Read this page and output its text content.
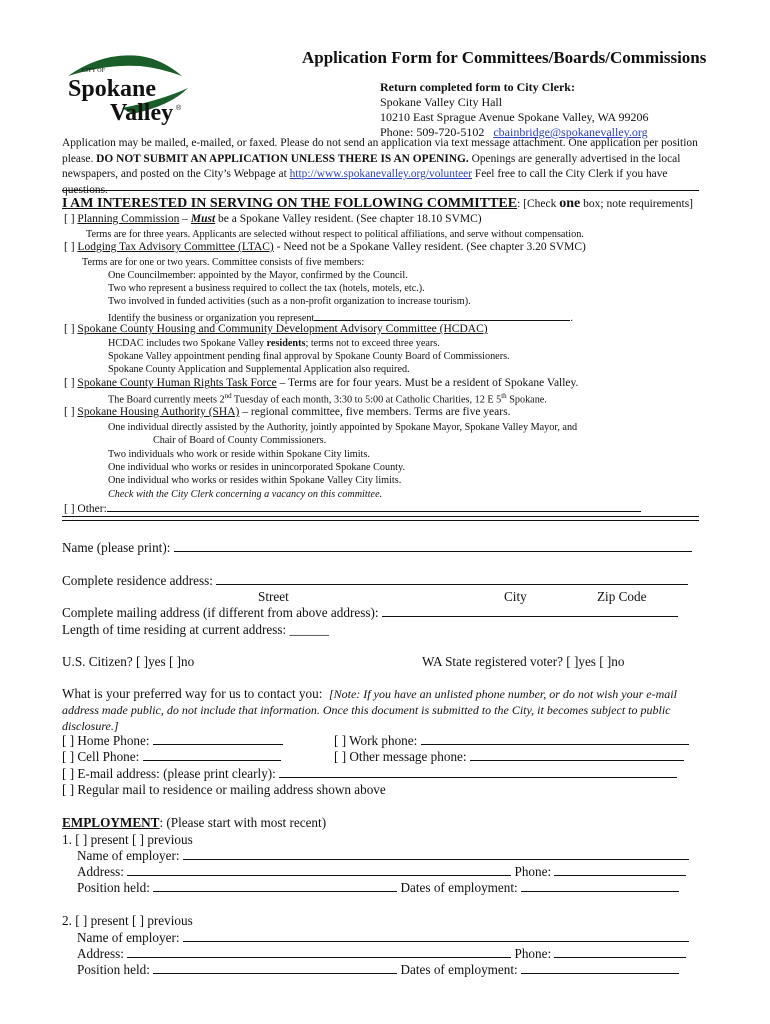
CITY OF
Spokane
Valley ®
Application Form for Committees/Boards/Commissions
Return completed form to City Clerk:
Spokane Valley City Hall
10210 East Sprague Avenue Spokane Valley, WA 99206
Phone: 509-720-5102 cbainbridge@spokanevalley.org
Application may be mailed, e-mailed, or faxed. Please do not send an application via text message attachment. One application per position please. DO NOT SUBMIT AN APPLICATION UNLESS THERE IS AN OPENING. Openings are generally advertised in the local newspapers, and posted on the City’s Webpage at http://www.spokanevalley.org/volunteer Feel free to call the City Clerk if you have questions.
I AM INTERESTED IN SERVING ON THE FOLLOWING COMMITTEE: [Check one box; note requirements]
[ ] Planning Commission – Must be a Spokane Valley resident. (See chapter 18.10 SVMC)
Terms are for three years. Applicants are selected without respect to political affiliations, and serve without compensation.
[ ] Lodging Tax Advisory Committee (LTAC) - Need not be a Spokane Valley resident. (See chapter 3.20 SVMC)
Terms are for one or two years. Committee consists of five members:
One Councilmember: appointed by the Mayor, confirmed by the Council.
Two who represent a business required to collect the tax (hotels, motels, etc.).
Two involved in funded activities (such as a non-profit organization to increase tourism).
Identify the business or organization you represent	.
[ ] Spokane County Housing and Community Development Advisory Committee (HCDAC)
HCDAC includes two Spokane Valley residents; terms not to exceed three years.
Spokane Valley appointment pending final approval by Spokane County Board of Commissioners.
Spokane County Application and Supplemental Application also required.
[ ] Spokane County Human Rights Task Force – Terms are for four years. Must be a resident of Spokane Valley.
The Board currently meets 2nd Tuesday of each month, 3:30 to 5:00 at Catholic Charities, 12 E 5th Spokane.
[ ] Spokane Housing Authority (SHA) – regional committee, five members. Terms are five years.
One individual directly assisted by the Authority, jointly appointed by Spokane Mayor, Spokane Valley Mayor, and
Chair of Board of County Commissioners.
Two individuals who work or reside within Spokane City limits.
One individual who works or resides in unincorporated Spokane County.
One individual who works or resides within Spokane Valley City limits.
Check with the City Clerk concerning a vacancy on this committee.
[ ] Other:
Name (please print):
Complete residence address:
Street	City	Zip Code
Complete mailing address (if different from above address):
Length of time residing at current address: ______
U.S. Citizen? [ ]yes [ ]no	WA State registered voter? [ ]yes [ ]no
What is your preferred way for us to contact you: [Note: If you have an unlisted phone number, or do not wish your e-mail address made public, do not include that information. Once this document is submitted to the City, it becomes subject to public disclosure.]
[ ] Home Phone:	[ ] Work phone:
[ ] Cell Phone:	[ ] Other message phone:
[ ] E-mail address: (please print clearly):
[ ] Regular mail to residence or mailing address shown above
EMPLOYMENT: (Please start with most recent)
1. [ ] present [ ] previous
Name of employer:
Address:	Phone:
Position held:	Dates of employment:
2. [ ] present [ ] previous
Name of employer:
Address:	Phone:
Position held:	Dates of employment:
